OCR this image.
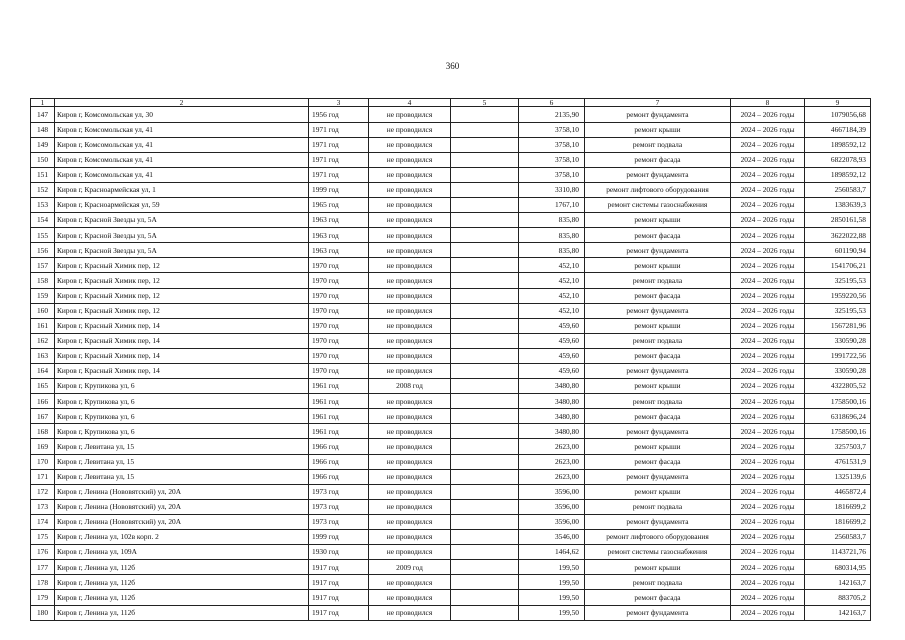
360
1	2	3	4	5	6	7	8	9
147	Киров г, Комсомольская ул, 30	1956 год	не проводился		2135,90	ремонт фундамента	2024 – 2026 годы	1079056,68
148	Киров г, Комсомольская ул, 41	1971 год	не проводился		3758,10	ремонт крыши	2024 – 2026 годы	4667184,39
149	Киров г, Комсомольская ул, 41	1971 год	не проводился		3758,10	ремонт подвала	2024 – 2026 годы	1898592,12
150	Киров г, Комсомольская ул, 41	1971 год	не проводился		3758,10	ремонт фасада	2024 – 2026 годы	6822078,93
151	Киров г, Комсомольская ул, 41	1971 год	не проводился		3758,10	ремонт фундамента	2024 – 2026 годы	1898592,12
152	Киров г, Красноармейская ул, 1	1999 год	не проводился		3310,80	ремонт лифтового оборудования	2024 – 2026 годы	2560583,7
153	Киров г, Красноармейская ул, 59	1965 год	не проводился		1767,10	ремонт системы газоснабжения	2024 – 2026 годы	1383639,3
154	Киров г, Красной Звезды ул, 5А	1963 год	не проводился		835,80	ремонт крыши	2024 – 2026 годы	2850161,58
155	Киров г, Красной Звезды ул, 5А	1963 год	не проводился		835,80	ремонт фасада	2024 – 2026 годы	3622022,88
156	Киров г, Красной Звезды ул, 5А	1963 год	не проводился		835,80	ремонт фундамента	2024 – 2026 годы	601190,94
157	Киров г, Красный Химик пер, 12	1970 год	не проводился		452,10	ремонт крыши	2024 – 2026 годы	1541706,21
158	Киров г, Красный Химик пер, 12	1970 год	не проводился		452,10	ремонт подвала	2024 – 2026 годы	325195,53
159	Киров г, Красный Химик пер, 12	1970 год	не проводился		452,10	ремонт фасада	2024 – 2026 годы	1959220,56
160	Киров г, Красный Химик пер, 12	1970 год	не проводился		452,10	ремонт фундамента	2024 – 2026 годы	325195,53
161	Киров г, Красный Химик пер, 14	1970 год	не проводился		459,60	ремонт крыши	2024 – 2026 годы	1567281,96
162	Киров г, Красный Химик пер, 14	1970 год	не проводился		459,60	ремонт подвала	2024 – 2026 годы	330590,28
163	Киров г, Красный Химик пер, 14	1970 год	не проводился		459,60	ремонт фасада	2024 – 2026 годы	1991722,56
164	Киров г, Красный Химик пер, 14	1970 год	не проводился		459,60	ремонт фундамента	2024 – 2026 годы	330590,28
165	Киров г, Крупикова ул, 6	1961 год	2008 год		3480,80	ремонт крыши	2024 – 2026 годы	4322805,52
166	Киров г, Крупикова ул, 6	1961 год	не проводился		3480,80	ремонт подвала	2024 – 2026 годы	1758500,16
167	Киров г, Крупикова ул, 6	1961 год	не проводился		3480,80	ремонт фасада	2024 – 2026 годы	6318696,24
168	Киров г, Крупикова ул, 6	1961 год	не проводился		3480,80	ремонт фундамента	2024 – 2026 годы	1758500,16
169	Киров г, Левитана ул, 15	1966 год	не проводился		2623,00	ремонт крыши	2024 – 2026 годы	3257503,7
170	Киров г, Левитана ул, 15	1966 год	не проводился		2623,00	ремонт фасада	2024 – 2026 годы	4761531,9
171	Киров г, Левитана ул, 15	1966 год	не проводился		2623,00	ремонт фундамента	2024 – 2026 годы	1325139,6
172	Киров г, Ленина (Нововятский) ул, 20А	1973 год	не проводился		3596,00	ремонт крыши	2024 – 2026 годы	4465872,4
173	Киров г, Ленина (Нововятский) ул, 20А	1973 год	не проводился		3596,00	ремонт подвала	2024 – 2026 годы	1816699,2
174	Киров г, Ленина (Нововятский) ул, 20А	1973 год	не проводился		3596,00	ремонт фундамента	2024 – 2026 годы	1816699,2
175	Киров г, Ленина ул, 102в корп. 2	1999 год	не проводился		3546,00	ремонт лифтового оборудования	2024 – 2026 годы	2560583,7
176	Киров г, Ленина ул, 109А	1930 год	не проводился		1464,62	ремонт системы газоснабжения	2024 – 2026 годы	1143721,76
177	Киров г, Ленина ул, 112б	1917 год	2009 год		199,50	ремонт крыши	2024 – 2026 годы	680314,95
178	Киров г, Ленина ул, 112б	1917 год	не проводился		199,50	ремонт подвала	2024 – 2026 годы	142163,7
179	Киров г, Ленина ул, 112б	1917 год	не проводился		199,50	ремонт фасада	2024 – 2026 годы	883705,2
180	Киров г, Ленина ул, 112б	1917 год	не проводился		199,50	ремонт фундамента	2024 – 2026 годы	142163,7
